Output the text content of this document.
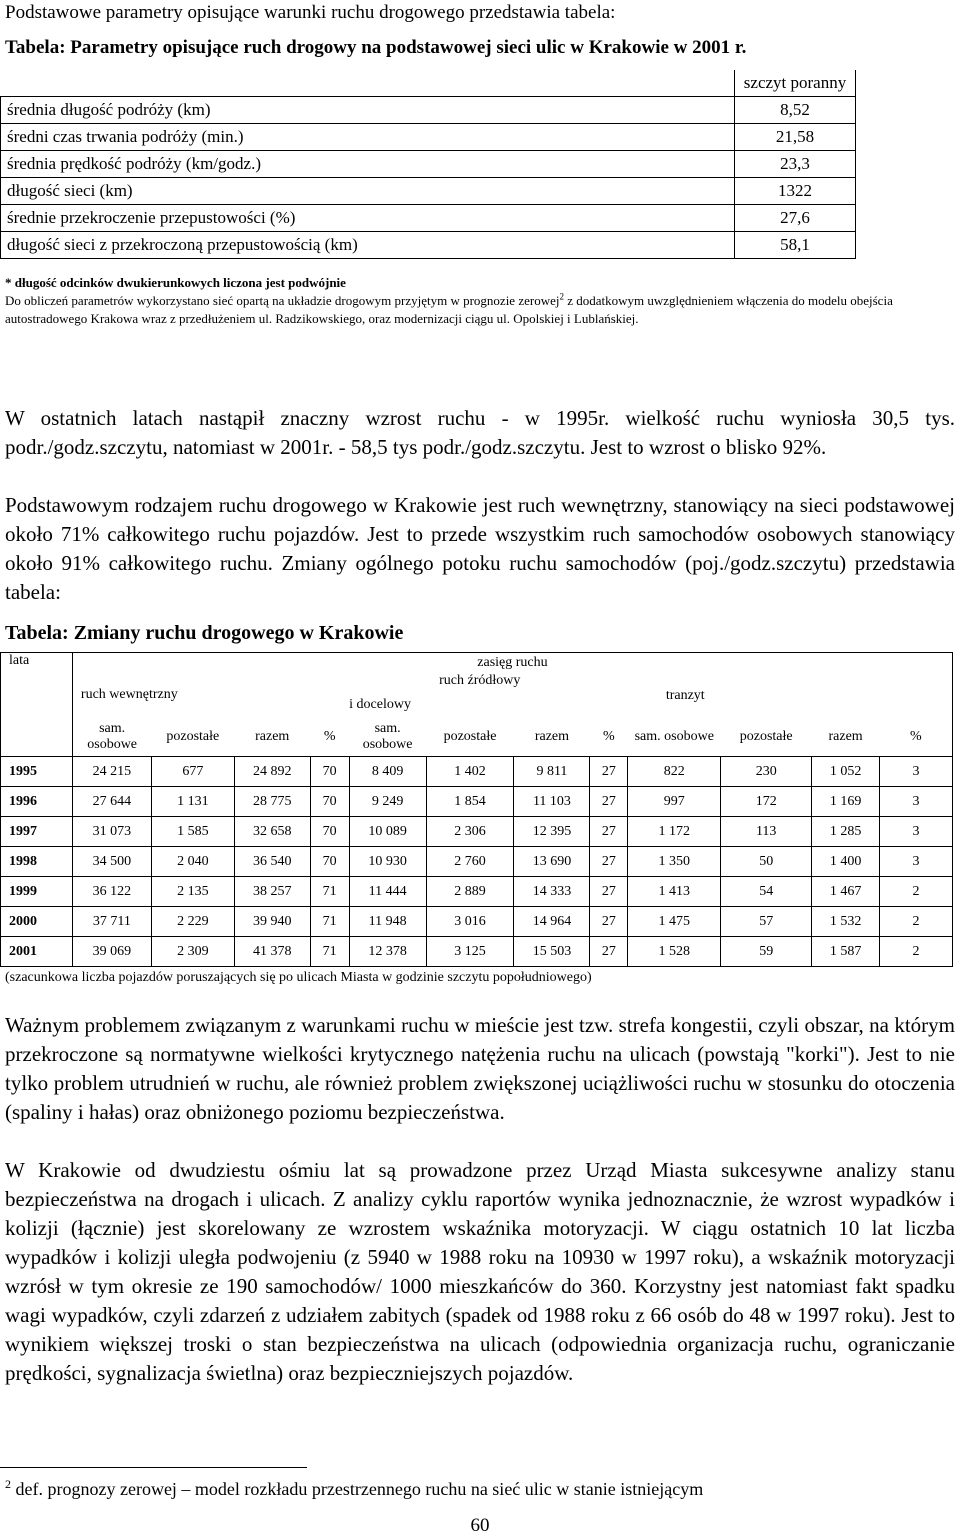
Podstawowe parametry opisujące warunki ruchu drogowego przedstawia tabela:
Tabela: Parametry opisujące ruch drogowy na podstawowej sieci ulic w Krakowie w 2001 r.
	szczyt poranny
średnia długość podróży (km)	8,52
średni czas trwania podróży (min.)	21,58
średnia prędkość podróży (km/godz.)	23,3
długość sieci (km)	1322
średnie przekroczenie przepustowości (%)	27,6
długość sieci z przekroczoną przepustowością (km)	58,1
* długość odcinków dwukierunkowych liczona jest podwójnie
Do obliczeń parametrów wykorzystano sieć opartą na układzie drogowym przyjętym w prognozie zerowej$^2$ z dodatkowym uwzględnieniem włączenia do modelu obejścia autostradowego Krakowa wraz z przedłużeniem ul. Radzikowskiego, oraz modernizacji ciągu ul. Opolskiej i Lublańskiej.

W ostatnich latach nastąpił znaczny wzrost ruchu - w 1995r. wielkość ruchu wyniosła 30,5 tys. podr./godz.szczytu, natomiast w 2001r. - 58,5 tys podr./godz.szczytu. Jest to wzrost o blisko 92%.

Podstawowym rodzajem ruchu drogowego w Krakowie jest ruch wewnętrzny, stanowiący na sieci podstawowej około 71% całkowitego ruchu pojazdów. Jest to przede wszystkim ruch samochodów osobowych stanowiący około 91% całkowitego ruchu. Zmiany ogólnego potoku ruchu samochodów (poj./godz.szczytu) przedstawia tabela:

Tabela: Zmiany ruchu drogowego w Krakowie
lata	zasięg ruchu											
	ruch wewnętrzny				ruch źródłowy
i docelowy				tranzyt			
	sam. osobowe	pozostałe	razem	%	sam. osobowe	pozostałe	razem	%	sam. osobowe	pozostałe	razem	%
1995	24 215	677	24 892	70	8 409	1 402	9 811	27	822	230	1 052	3
1996	27 644	1 131	28 775	70	9 249	1 854	11 103	27	997	172	1 169	3
1997	31 073	1 585	32 658	70	10 089	2 306	12 395	27	1 172	113	1 285	3
1998	34 500	2 040	36 540	70	10 930	2 760	13 690	27	1 350	50	1 400	3
1999	36 122	2 135	38 257	71	11 444	2 889	14 333	27	1 413	54	1 467	2
2000	37 711	2 229	39 940	71	11 948	3 016	14 964	27	1 475	57	1 532	2
2001	39 069	2 309	41 378	71	12 378	3 125	15 503	27	1 528	59	1 587	2
(szacunkowa liczba pojazdów poruszających się po ulicach Miasta w godzinie szczytu popołudniowego)

Ważnym problemem związanym z warunkami ruchu w mieście jest tzw. strefa kongestii, czyli obszar, na którym przekroczone są normatywne wielkości krytycznego natężenia ruchu na ulicach (powstają "korki"). Jest to nie tylko problem utrudnień w ruchu, ale również problem zwiększonej uciążliwości ruchu w stosunku do otoczenia (spaliny i hałas) oraz obniżonego poziomu bezpieczeństwa.

W Krakowie od dwudziestu ośmiu lat są prowadzone przez Urząd Miasta sukcesywne analizy stanu bezpieczeństwa na drogach i ulicach. Z analizy cyklu raportów wynika jednoznacznie, że wzrost wypadków i kolizji (łącznie) jest skorelowany ze wzrostem wskaźnika motoryzacji. W ciągu ostatnich 10 lat liczba wypadków i kolizji uległa podwojeniu (z 5940 w 1988 roku na 10930 w 1997 roku), a wskaźnik motoryzacji wzrósł w tym okresie ze 190 samochodów/ 1000 mieszkańców do 360. Korzystny jest natomiast fakt spadku wagi wypadków, czyli zdarzeń z udziałem zabitych (spadek od 1988 roku z 66 osób do 48 w 1997 roku). Jest to wynikiem większej troski o stan bezpieczeństwa na ulicach (odpowiednia organizacja ruchu, ograniczanie prędkości, sygnalizacja świetlna) oraz bezpieczniejszych pojazdów.

$^2$ def. prognozy zerowej – model rozkładu przestrzennego ruchu na sieć ulic w stanie istniejącym
60
